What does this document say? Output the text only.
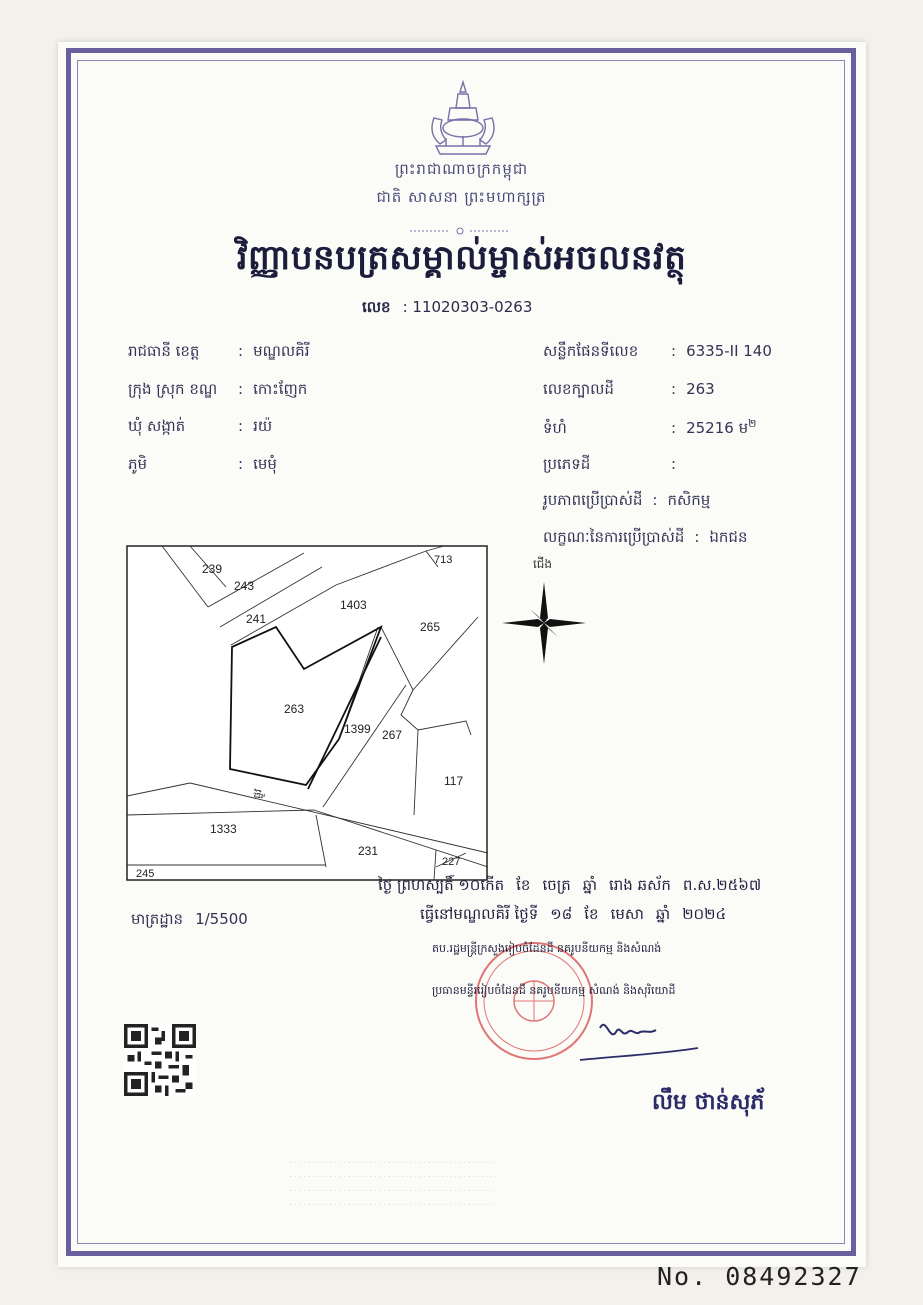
ព្រះរាជាណាចក្រកម្ពុជា
ជាតិ សាសនា ព្រះមហាក្សត្រ
វិញ្ញាបនបត្រសម្គាល់ម្ចាស់អចលនវត្ថុ
លេខ : 11020303-0263
រាជធានី ខេត្ត	: មណ្ឌលគិរី
ក្រុង ស្រុក ខណ្ឌ : កោះញែក
ឃុំ សង្កាត់	: រយ៉
ភូមិ	: មេមុំ
សន្លឹកផែនទីលេខ : 6335-II 140
លេខក្បាលដី	: 263
ទំហំ	: 25216 ម$^២$
ប្រភេទដី	:
រូបភាពប្រើប្រាស់ដី : កសិកម្ម
លក្ខណៈនៃការប្រើប្រាស់ដី : ឯកជន
239
243
241
1403
713
265
263
1399 267
117
1333
231
227
245
ផ្លូវ
ជើង
ថ្ងៃ ព្រហស្បតិ៍ ១០កើត ខែ ចេត្រ ឆ្នាំ រោង ឆស័ក ព.ស.២៥៦៧
មាត្រដ្ឋាន 1/5500	ធ្វើនៅមណ្ឌលគិរី ថ្ងៃទី ១៨ ខែ មេសា ឆ្នាំ ២០២៤
តប.រដ្ឋមន្ត្រីក្រសួងរៀបចំដែនដី នគរូបនីយកម្ម និងសំណង់
ប្រធានមន្ទីររៀបចំដែនដី នគរូបនីយកម្ម សំណង់ និងសុរិយោដី
លឹម ថាន់សុភ័
· · · · · · · · · · · · · · · · · · · · · · · · · · · · · · · · · · · · · · · · · · · · · · ·
· · · · · · · · · · · · · · · · · · · · · · · · · · · · · · · · · · · · · · · · · · · · · · ·
· · · · · · · · · · · · · · · · · · · · · · · · · · · · · · · · · · · · · · · · · · · · · · ·
· · · · · · · · · · · · · · · · · · · · · · · · · · · · · · · · · · · · · · · · · · · · · · ·
No. 08492327
